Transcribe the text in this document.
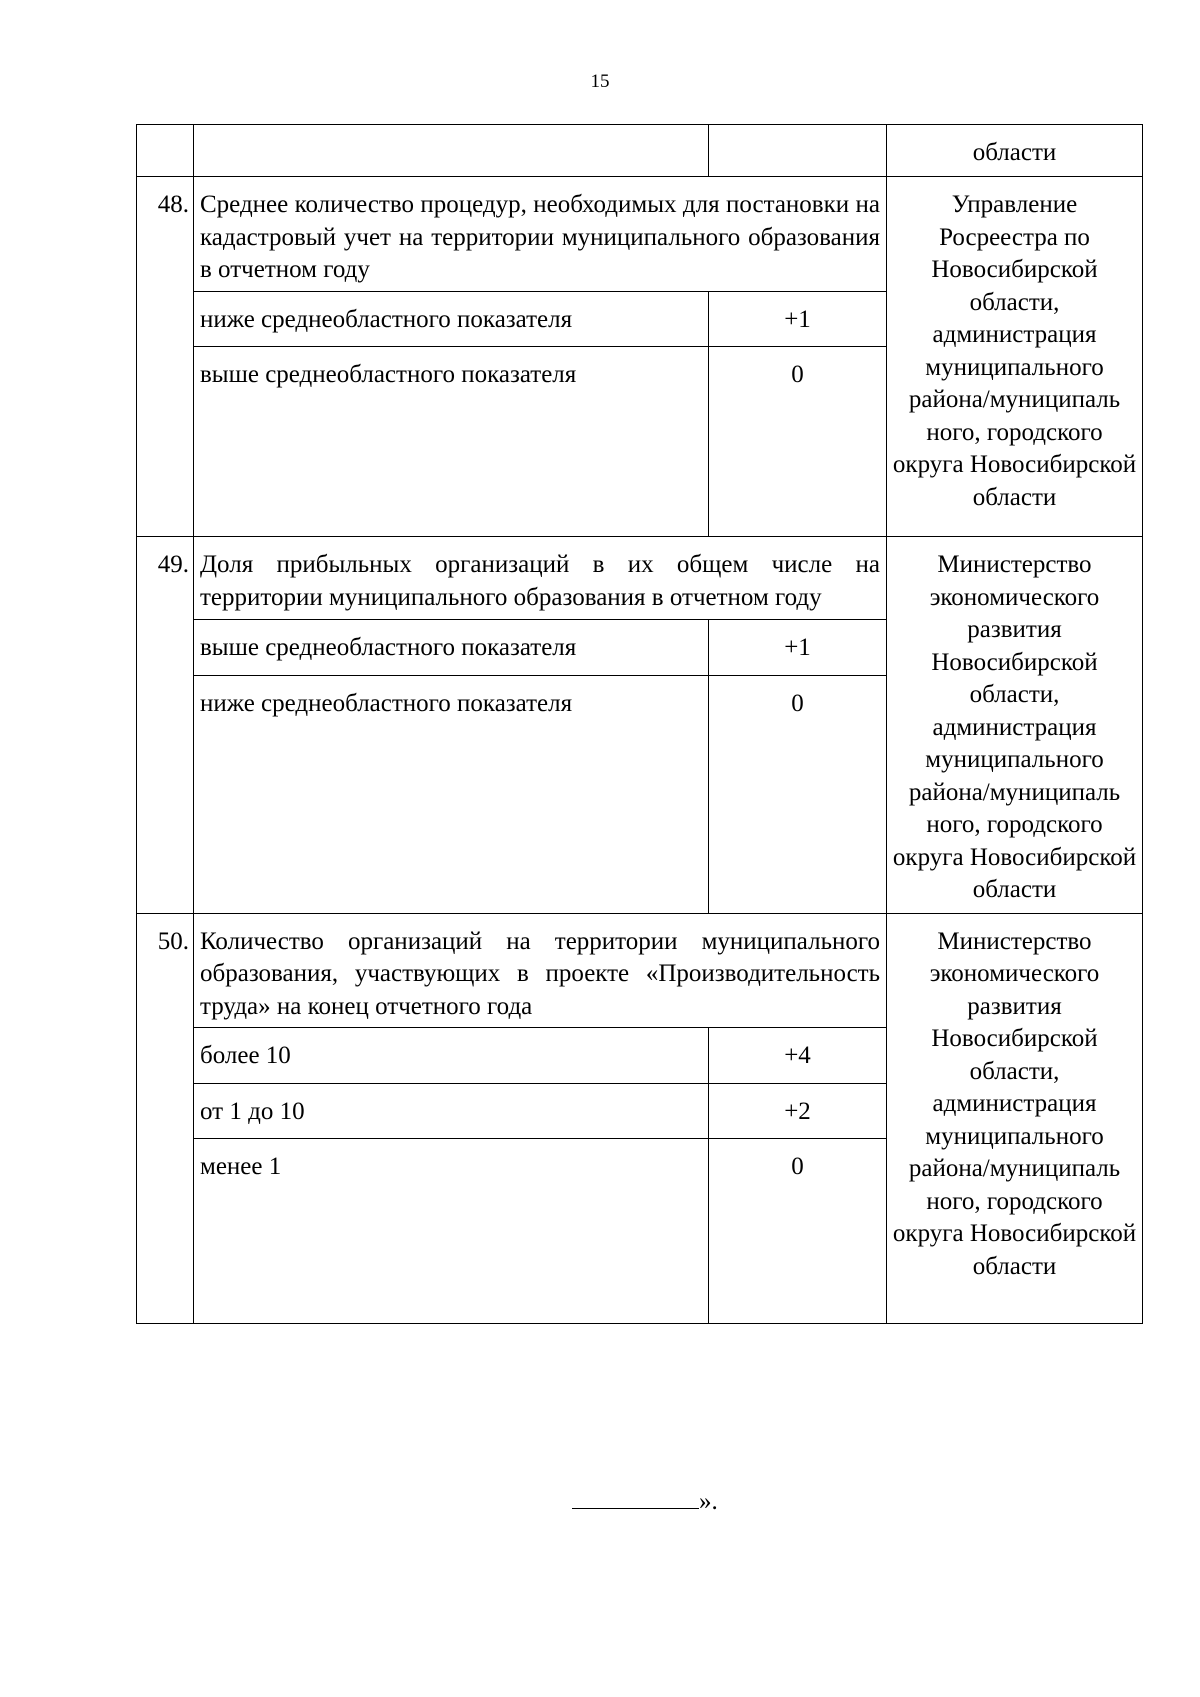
15
			области
48.	Среднее количество процедур, необходимых для постановки на кадастровый учет на территории муниципального образования в отчетном году		Управление Росреестра по Новосибирской области, администрация муниципального района/муниципаль ного, городского округа Новосибирской области
	ниже среднеобластного показателя	+1	
	выше среднеобластного показателя	0	
49.	Доля прибыльных организаций в их общем числе на территории муниципального образования в отчетном году		Министерство экономического развития Новосибирской области, администрация муниципального района/муниципаль ного, городского округа Новосибирской области
	выше среднеобластного показателя	+1	
	ниже среднеобластного показателя	0	
50.	Количество организаций на территории муниципального образования, участвующих в проекте «Производительность труда» на конец отчетного года		Министерство экономического развития Новосибирской области, администрация муниципального района/муниципаль ного, городского округа Новосибирской области
	более 10	+4	
	от 1 до 10	+2	
	менее 1	0	
».
